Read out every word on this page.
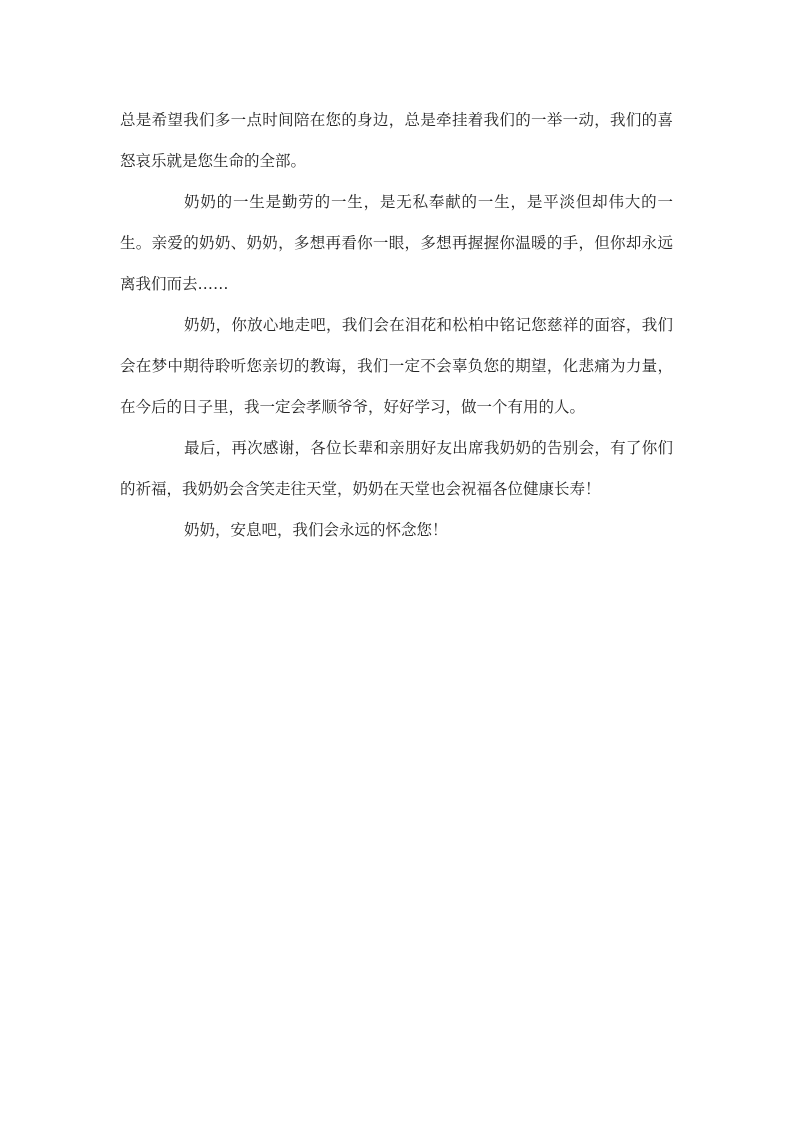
总是希望我们多一点时间陪在您的身边，总是牵挂着我们的一举一动，我们的喜怒哀乐就是您生命的全部。

奶奶的一生是勤劳的一生，是无私奉献的一生，是平淡但却伟大的一生。亲爱的奶奶、奶奶，多想再看你一眼，多想再握握你温暖的手，但你却永远离我们而去……

奶奶，你放心地走吧，我们会在泪花和松柏中铭记您慈祥的面容，我们会在梦中期待聆听您亲切的教诲，我们一定不会辜负您的期望，化悲痛为力量，在今后的日子里，我一定会孝顺爷爷，好好学习，做一个有用的人。

最后，再次感谢，各位长辈和亲朋好友出席我奶奶的告别会，有了你们的祈福，我奶奶会含笑走往天堂，奶奶在天堂也会祝福各位健康长寿！

奶奶，安息吧，我们会永远的怀念您！
